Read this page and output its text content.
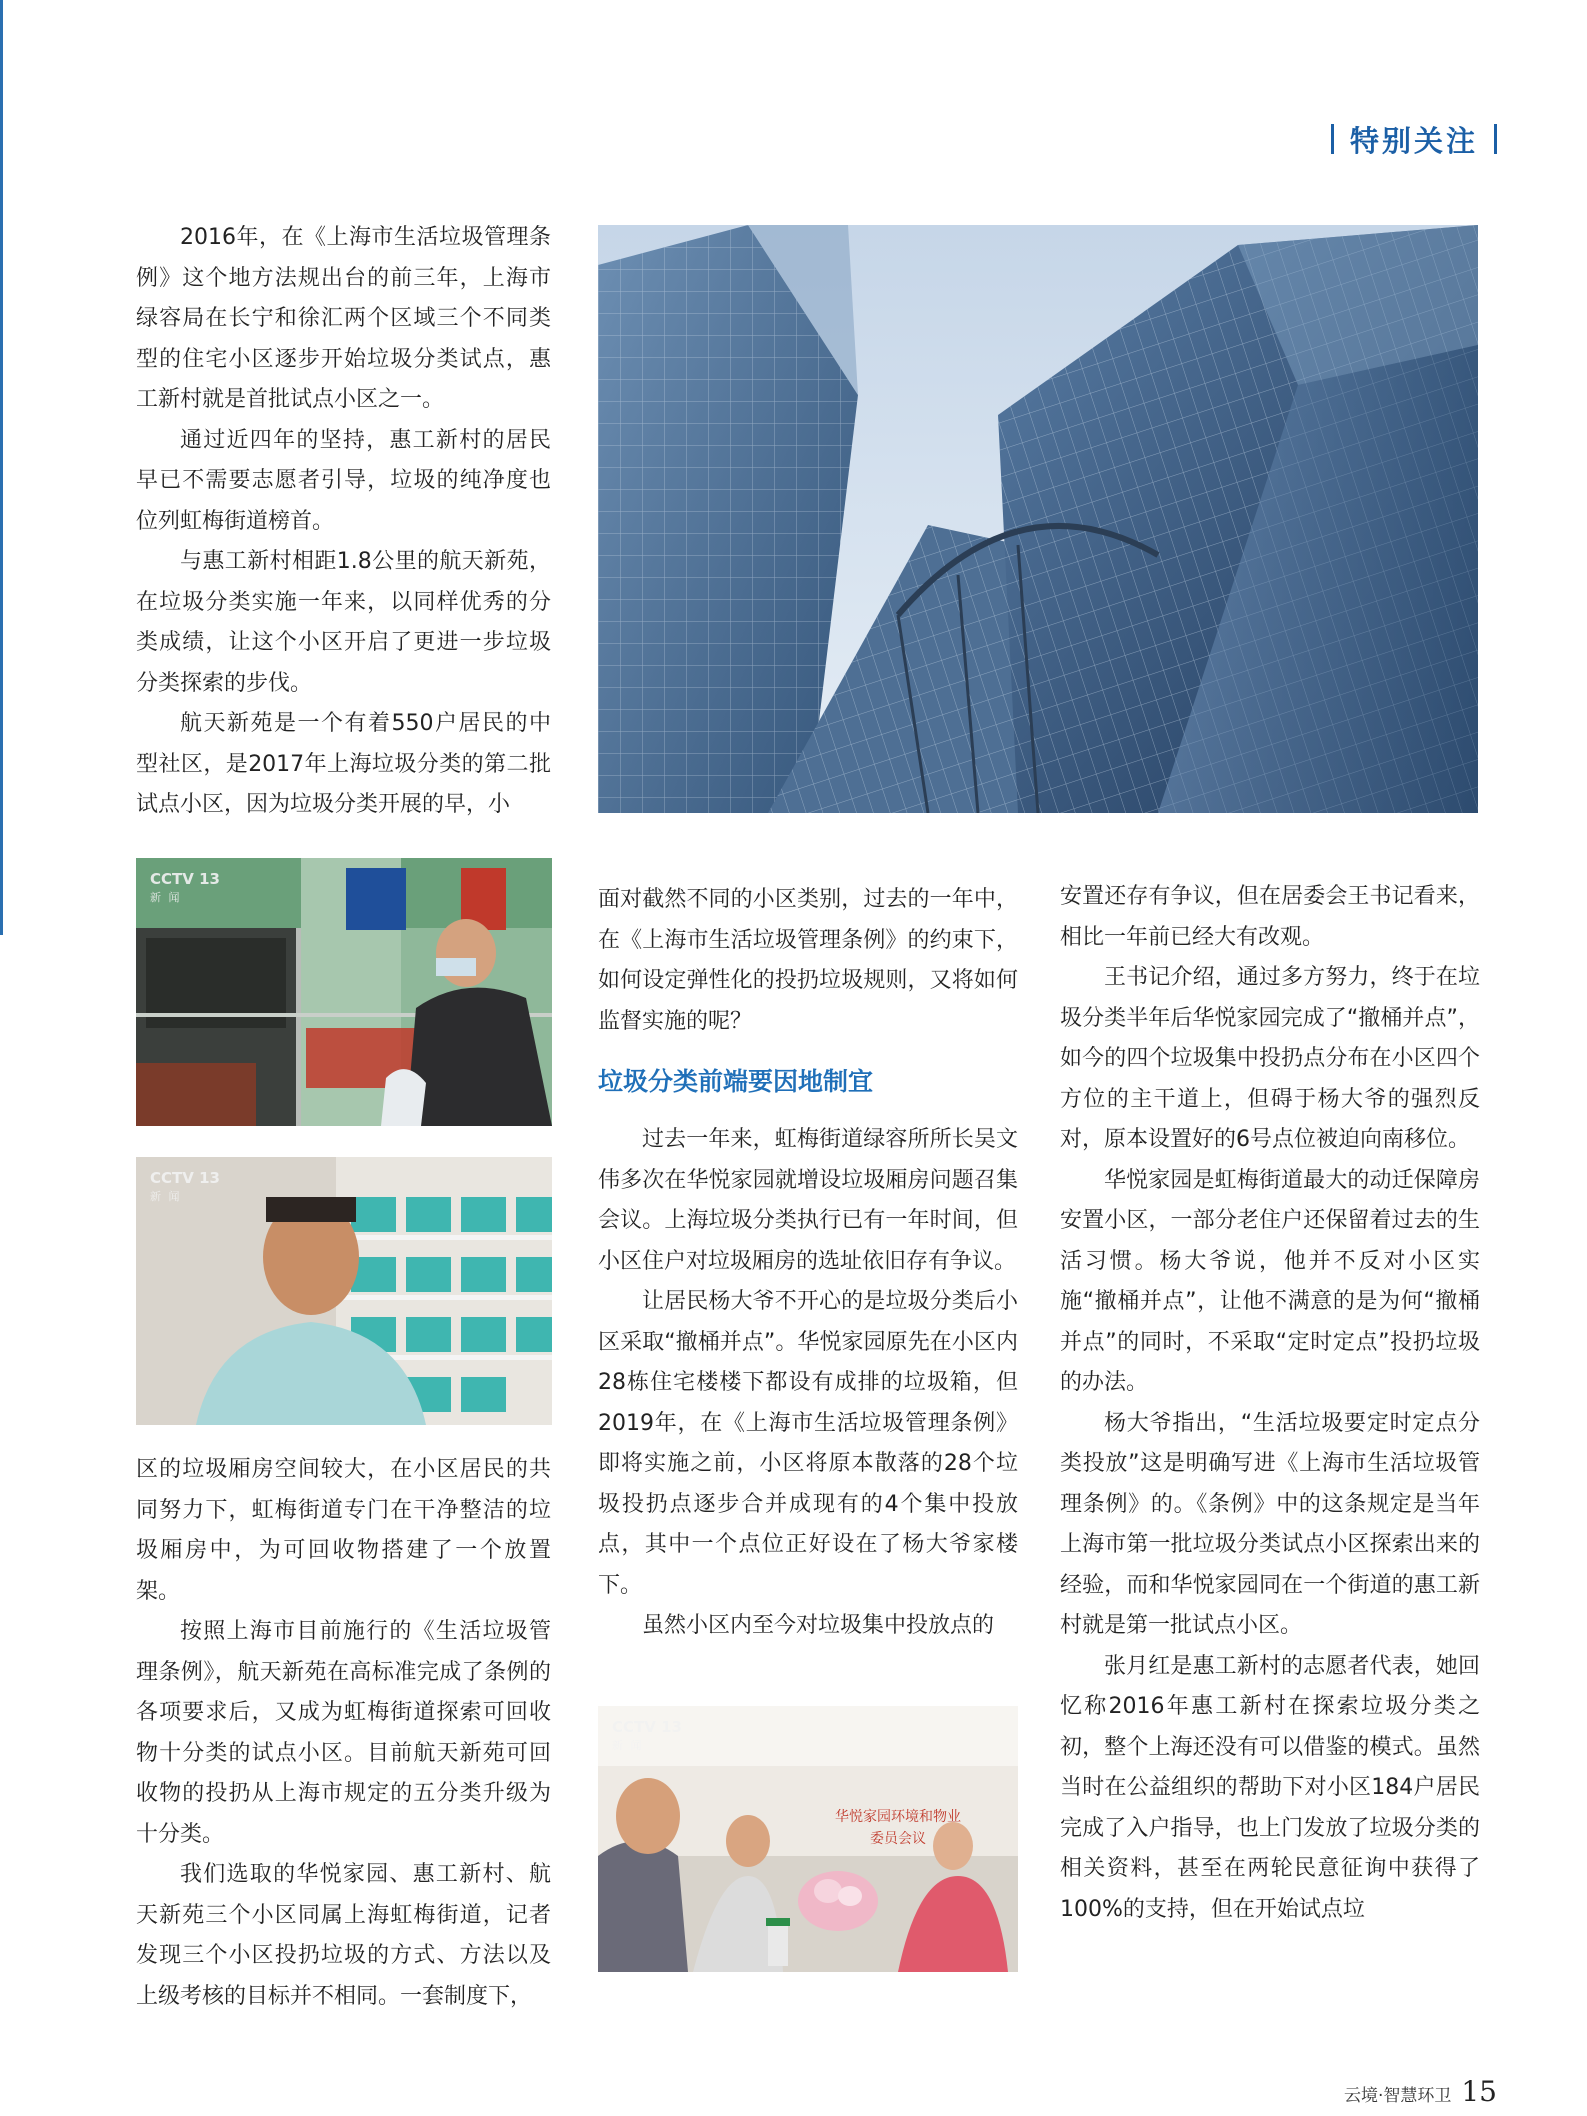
特别关注

2016年，在《上海市生活垃圾管理条例》这个地方法规出台的前三年，上海市绿容局在长宁和徐汇两个区域三个不同类型的住宅小区逐步开始垃圾分类试点，惠工新村就是首批试点小区之一。

通过近四年的坚持，惠工新村的居民早已不需要志愿者引导，垃圾的纯净度也位列虹梅街道榜首。

与惠工新村相距1.8公里的航天新苑，在垃圾分类实施一年来，以同样优秀的分类成绩，让这个小区开启了更进一步垃圾分类探索的步伐。

航天新苑是一个有着550户居民的中型社区，是2017年上海垃圾分类的第二批试点小区，因为垃圾分类开展的早，小

CCTV 13
新 闻
CCTV 13
新 闻

区的垃圾厢房空间较大，在小区居民的共同努力下，虹梅街道专门在干净整洁的垃圾厢房中，为可回收物搭建了一个放置架。

按照上海市目前施行的《生活垃圾管理条例》，航天新苑在高标准完成了条例的各项要求后，又成为虹梅街道探索可回收物十分类的试点小区。目前航天新苑可回收物的投扔从上海市规定的五分类升级为十分类。

我们选取的华悦家园、惠工新村、航天新苑三个小区同属上海虹梅街道，记者发现三个小区投扔垃圾的方式、方法以及上级考核的目标并不相同。一套制度下，

面对截然不同的小区类别，过去的一年中，在《上海市生活垃圾管理条例》的约束下，如何设定弹性化的投扔垃圾规则，又将如何监督实施的呢？

垃圾分类前端要因地制宜

过去一年来，虹梅街道绿容所所长吴文伟多次在华悦家园就增设垃圾厢房问题召集会议。上海垃圾分类执行已有一年时间，但小区住户对垃圾厢房的选址依旧存有争议。

让居民杨大爷不开心的是垃圾分类后小区采取“撤桶并点”。华悦家园原先在小区内28栋住宅楼楼下都设有成排的垃圾箱，但2019年，在《上海市生活垃圾管理条例》即将实施之前，小区将原本散落的28个垃圾投扔点逐步合并成现有的4个集中投放点，其中一个点位正好设在了杨大爷家楼下。

虽然小区内至今对垃圾集中投放点的

CCTV 13
新 闻
华悦家园环境和物业
委员会议

安置还存有争议，但在居委会王书记看来，相比一年前已经大有改观。

王书记介绍，通过多方努力，终于在垃圾分类半年后华悦家园完成了“撤桶并点”，如今的四个垃圾集中投扔点分布在小区四个方位的主干道上，但碍于杨大爷的强烈反对，原本设置好的6号点位被迫向南移位。

华悦家园是虹梅街道最大的动迁保障房安置小区，一部分老住户还保留着过去的生活习惯。杨大爷说，他并不反对小区实施“撤桶并点”，让他不满意的是为何“撤桶并点”的同时，不采取“定时定点”投扔垃圾的办法。

杨大爷指出，“生活垃圾要定时定点分类投放”这是明确写进《上海市生活垃圾管理条例》的。《条例》中的这条规定是当年上海市第一批垃圾分类试点小区探索出来的经验，而和华悦家园同在一个街道的惠工新村就是第一批试点小区。

张月红是惠工新村的志愿者代表，她回忆称2016年惠工新村在探索垃圾分类之初，整个上海还没有可以借鉴的模式。虽然当时在公益组织的帮助下对小区184户居民完成了入户指导，也上门发放了垃圾分类的相关资料，甚至在两轮民意征询中获得了100%的支持，但在开始试点垃

云境·智慧环卫 15
